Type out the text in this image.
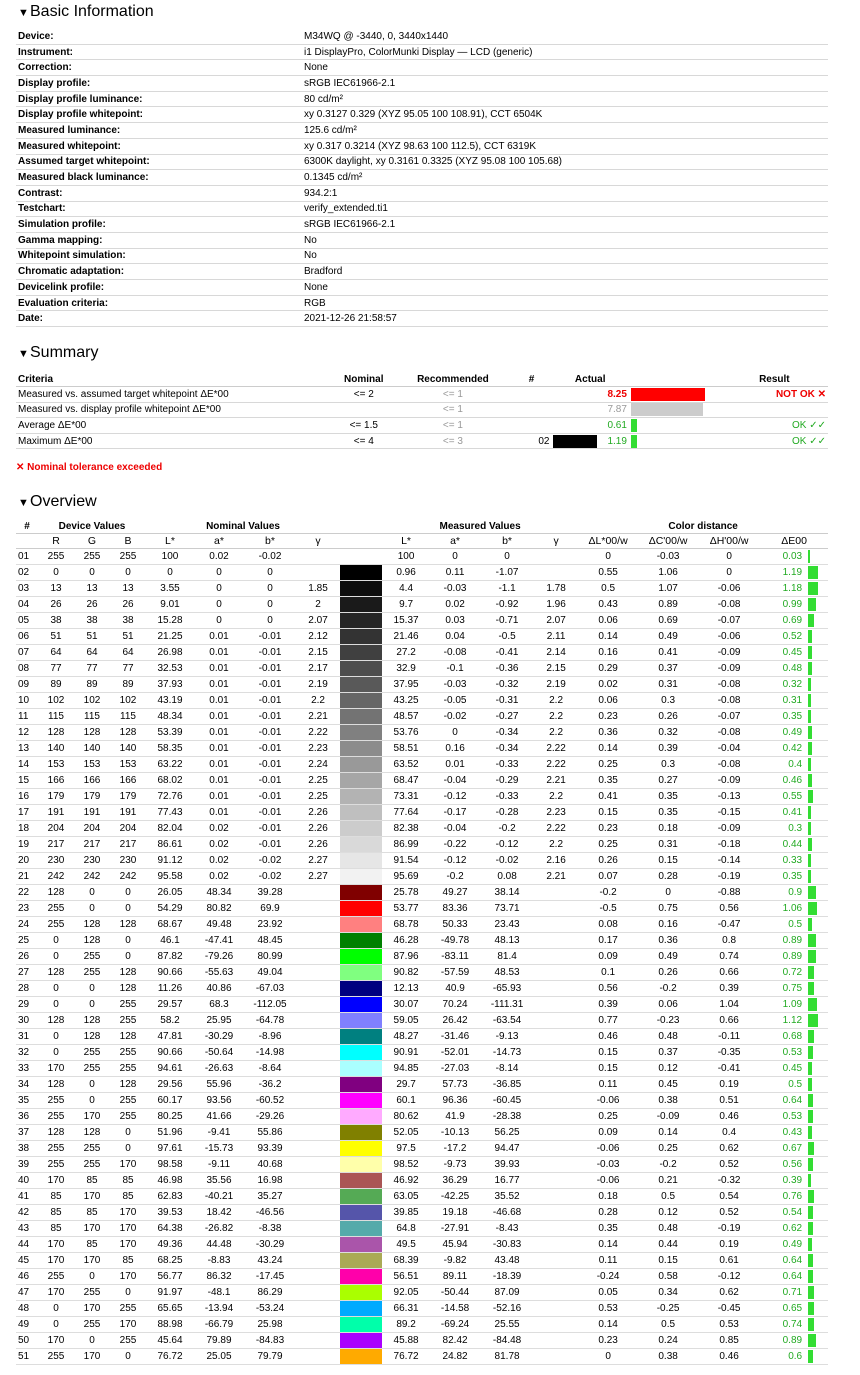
▼Basic Information
Device:	M34WQ @ -3440, 0, 3440x1440
Instrument:	i1 DisplayPro, ColorMunki Display — LCD (generic)
Correction:	None
Display profile:	sRGB IEC61966-2.1
Display profile luminance:	80 cd/m²
Display profile whitepoint:	xy 0.3127 0.329 (XYZ 95.05 100 108.91), CCT 6504K
Measured luminance:	125.6 cd/m²
Measured whitepoint:	xy 0.317 0.3214 (XYZ 98.63 100 112.5), CCT 6319K
Assumed target whitepoint:	6300K daylight, xy 0.3161 0.3325 (XYZ 95.08 100 105.68)
Measured black luminance:	0.1345 cd/m²
Contrast:	934.2:1
Testchart:	verify_extended.ti1
Simulation profile:	sRGB IEC61966-2.1
Gamma mapping:	No
Whitepoint simulation:	No
Chromatic adaptation:	Bradford
Devicelink profile:	None
Evaluation criteria:	RGB
Date:	2021-12-26 21:58:57
▼Summary
Criteria	Nominal	Recommended	#	Actual		Result
Measured vs. assumed target whitepoint ΔE*00	<= 2	<= 1		8.25		NOT OK ✕
Measured vs. display profile whitepoint ΔE*00		<= 1		7.87		
Average ΔE*00	<= 1.5	<= 1		0.61		OK ✓✓
Maximum ΔE*00	<= 4	<= 3	02	1.19		OK ✓✓
✕ Nominal tolerance exceeded
▼Overview
#	Device Values			Nominal Values					Measured Values				Color distance			
	R	G	B	L*	a*	b*	γ		L*	a*	b*	γ	ΔL*00/w	ΔC'00/w	ΔH'00/w	ΔE00
01	255	255	255	100	0.02	-0.02			100	0	0		0	-0.03	0	0.03
02	0	0	0	0	0	0			0.96	0.11	-1.07		0.55	1.06	0	1.19
03	13	13	13	3.55	0	0	1.85		4.4	-0.03	-1.1	1.78	0.5	1.07	-0.06	1.18
04	26	26	26	9.01	0	0	2		9.7	0.02	-0.92	1.96	0.43	0.89	-0.08	0.99
05	38	38	38	15.28	0	0	2.07		15.37	0.03	-0.71	2.07	0.06	0.69	-0.07	0.69
06	51	51	51	21.25	0.01	-0.01	2.12		21.46	0.04	-0.5	2.11	0.14	0.49	-0.06	0.52
07	64	64	64	26.98	0.01	-0.01	2.15		27.2	-0.08	-0.41	2.14	0.16	0.41	-0.09	0.45
08	77	77	77	32.53	0.01	-0.01	2.17		32.9	-0.1	-0.36	2.15	0.29	0.37	-0.09	0.48
09	89	89	89	37.93	0.01	-0.01	2.19		37.95	-0.03	-0.32	2.19	0.02	0.31	-0.08	0.32
10	102	102	102	43.19	0.01	-0.01	2.2		43.25	-0.05	-0.31	2.2	0.06	0.3	-0.08	0.31
11	115	115	115	48.34	0.01	-0.01	2.21		48.57	-0.02	-0.27	2.2	0.23	0.26	-0.07	0.35
12	128	128	128	53.39	0.01	-0.01	2.22		53.76	0	-0.34	2.2	0.36	0.32	-0.08	0.49
13	140	140	140	58.35	0.01	-0.01	2.23		58.51	0.16	-0.34	2.22	0.14	0.39	-0.04	0.42
14	153	153	153	63.22	0.01	-0.01	2.24		63.52	0.01	-0.33	2.22	0.25	0.3	-0.08	0.4
15	166	166	166	68.02	0.01	-0.01	2.25		68.47	-0.04	-0.29	2.21	0.35	0.27	-0.09	0.46
16	179	179	179	72.76	0.01	-0.01	2.25		73.31	-0.12	-0.33	2.2	0.41	0.35	-0.13	0.55
17	191	191	191	77.43	0.01	-0.01	2.26		77.64	-0.17	-0.28	2.23	0.15	0.35	-0.15	0.41
18	204	204	204	82.04	0.02	-0.01	2.26		82.38	-0.04	-0.2	2.22	0.23	0.18	-0.09	0.3
19	217	217	217	86.61	0.02	-0.01	2.26		86.99	-0.22	-0.12	2.2	0.25	0.31	-0.18	0.44
20	230	230	230	91.12	0.02	-0.02	2.27		91.54	-0.12	-0.02	2.16	0.26	0.15	-0.14	0.33
21	242	242	242	95.58	0.02	-0.02	2.27		95.69	-0.2	0.08	2.21	0.07	0.28	-0.19	0.35
22	128	0	0	26.05	48.34	39.28			25.78	49.27	38.14		-0.2	0	-0.88	0.9
23	255	0	0	54.29	80.82	69.9			53.77	83.36	73.71		-0.5	0.75	0.56	1.06
24	255	128	128	68.67	49.48	23.92			68.78	50.33	23.43		0.08	0.16	-0.47	0.5
25	0	128	0	46.1	-47.41	48.45			46.28	-49.78	48.13		0.17	0.36	0.8	0.89
26	0	255	0	87.82	-79.26	80.99			87.96	-83.11	81.4		0.09	0.49	0.74	0.89
27	128	255	128	90.66	-55.63	49.04			90.82	-57.59	48.53		0.1	0.26	0.66	0.72
28	0	0	128	11.26	40.86	-67.03			12.13	40.9	-65.93		0.56	-0.2	0.39	0.75
29	0	0	255	29.57	68.3	-112.05			30.07	70.24	-111.31		0.39	0.06	1.04	1.09
30	128	128	255	58.2	25.95	-64.78			59.05	26.42	-63.54		0.77	-0.23	0.66	1.12
31	0	128	128	47.81	-30.29	-8.96			48.27	-31.46	-9.13		0.46	0.48	-0.11	0.68
32	0	255	255	90.66	-50.64	-14.98			90.91	-52.01	-14.73		0.15	0.37	-0.35	0.53
33	170	255	255	94.61	-26.63	-8.64			94.85	-27.03	-8.14		0.15	0.12	-0.41	0.45
34	128	0	128	29.56	55.96	-36.2			29.7	57.73	-36.85		0.11	0.45	0.19	0.5
35	255	0	255	60.17	93.56	-60.52			60.1	96.36	-60.45		-0.06	0.38	0.51	0.64
36	255	170	255	80.25	41.66	-29.26			80.62	41.9	-28.38		0.25	-0.09	0.46	0.53
37	128	128	0	51.96	-9.41	55.86			52.05	-10.13	56.25		0.09	0.14	0.4	0.43
38	255	255	0	97.61	-15.73	93.39			97.5	-17.2	94.47		-0.06	0.25	0.62	0.67
39	255	255	170	98.58	-9.11	40.68			98.52	-9.73	39.93		-0.03	-0.2	0.52	0.56
40	170	85	85	46.98	35.56	16.98			46.92	36.29	16.77		-0.06	0.21	-0.32	0.39
41	85	170	85	62.83	-40.21	35.27			63.05	-42.25	35.52		0.18	0.5	0.54	0.76
42	85	85	170	39.53	18.42	-46.56			39.85	19.18	-46.68		0.28	0.12	0.52	0.54
43	85	170	170	64.38	-26.82	-8.38			64.8	-27.91	-8.43		0.35	0.48	-0.19	0.62
44	170	85	170	49.36	44.48	-30.29			49.5	45.94	-30.83		0.14	0.44	0.19	0.49
45	170	170	85	68.25	-8.83	43.24			68.39	-9.82	43.48		0.11	0.15	0.61	0.64
46	255	0	170	56.77	86.32	-17.45			56.51	89.11	-18.39		-0.24	0.58	-0.12	0.64
47	170	255	0	91.97	-48.1	86.29			92.05	-50.44	87.09		0.05	0.34	0.62	0.71
48	0	170	255	65.65	-13.94	-53.24			66.31	-14.58	-52.16		0.53	-0.25	-0.45	0.65
49	0	255	170	88.98	-66.79	25.98			89.2	-69.24	25.55		0.14	0.5	0.53	0.74
50	170	0	255	45.64	79.89	-84.83			45.88	82.42	-84.48		0.23	0.24	0.85	0.89
51	255	170	0	76.72	25.05	79.79			76.72	24.82	81.78		0	0.38	0.46	0.6
